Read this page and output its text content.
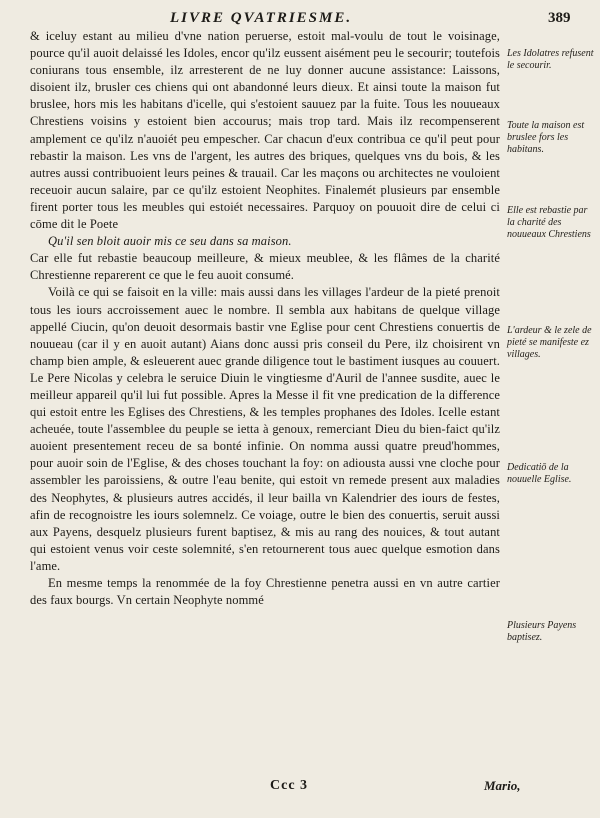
LIVRE QVATRIESME.	389

& iceluy estant au milieu d'vne nation peruerse, estoit mal-voulu de tout le voisinage, pource qu'il auoit delaissé les Idoles, encor qu'ilz eussent aisément peu le secourir; toutefois coniurans tous ensemble, ilz arresterent de ne luy donner aucune assistance: Laissons, disoient ilz, brusler ces chiens qui ont abandonné leurs dieux. Et ainsi toute la maison fut bruslee, hors mis les habitans d'icelle, qui s'estoient sauuez par la fuite. Tous les nouueaux Chrestiens voisins y estoient bien accourus; mais trop tard. Mais ilz recompenserent amplement ce qu'ilz n'auoiét peu empescher. Car chacun d'eux contribua ce qu'il peut pour rebastir la maison. Les vns de l'argent, les autres des briques, quelques vns du bois, & les autres aussi contribuoient leurs peines & trauail. Car les maçons ou architectes ne vouloient receuoir aucun salaire, par ce qu'ilz estoient Neophites. Finalemét plusieurs par ensemble firent porter tous les meubles qui estoiét necessaires. Parquoy on pouuoit dire de celui ci cōme dit le Poete

Qu'il sen bloit auoir mis ce seu dans sa maison.

Car elle fut rebastie beaucoup meilleure, & mieux meublee, & les flâmes de la charité Chrestienne reparerent ce que le feu auoit consumé.

Voilà ce qui se faisoit en la ville: mais aussi dans les villages l'ardeur de la pieté prenoit tous les iours accroissement auec le nombre. Il sembla aux habitans de quelque village appellé Ciucin, qu'on deuoit desormais bastir vne Eglise pour cent Chrestiens conuertis de nouueau (car il y en auoit autant) Aians donc aussi pris conseil du Pere, ilz choisirent vn champ bien ample, & esleuerent auec grande diligence tout le bastiment iusques au couuert. Le Pere Nicolas y celebra le seruice Diuin le vingtiesme d'Auril de l'annee susdite, auec le meilleur appareil qu'il lui fut possible. Apres la Messe il fit vne predication de la difference qui estoit entre les Eglises des Chrestiens, & les temples prophanes des Idoles. Icelle estant acheuée, toute l'assemblee du peuple se ietta à genoux, remerciant Dieu du bien-faict qu'ilz auoient presentement receu de sa bonté infinie. On nomma aussi quatre preud'hommes, pour auoir soin de l'Eglise, & des choses touchant la foy: on adiousta aussi vne cloche pour assembler les paroissiens, & outre l'eau benite, qui estoit vn remede present aux maladies des Neophytes, & plusieurs autres accidés, il leur bailla vn Kalendrier des iours de festes, afin de recognoistre les iours solemnelz. Ce voiage, outre le bien des conuertis, seruit aussi aux Payens, desquelz plusieurs furent baptisez, & mis au rang des nouices, & tout autant qui estoient venus voir ceste solemnité, s'en retournerent tous auec quelque esmotion dans l'ame.

En mesme temps la renommée de la foy Chrestienne penetra aussi en vn autre cartier des faux bourgs. Vn certain Neophyte nommé

Les Idolatres refusent le secourir.
Toute la maison est bruslee fors les habitans.
Elle est rebastie par la charité des nouueaux Chrestiens
L'ardeur & le zele de pieté se manifeste ez villages.
Dedicatiō de la nouuelle Eglise.
Plusieurs Payens baptisez.
Ccc 3	Mario,
